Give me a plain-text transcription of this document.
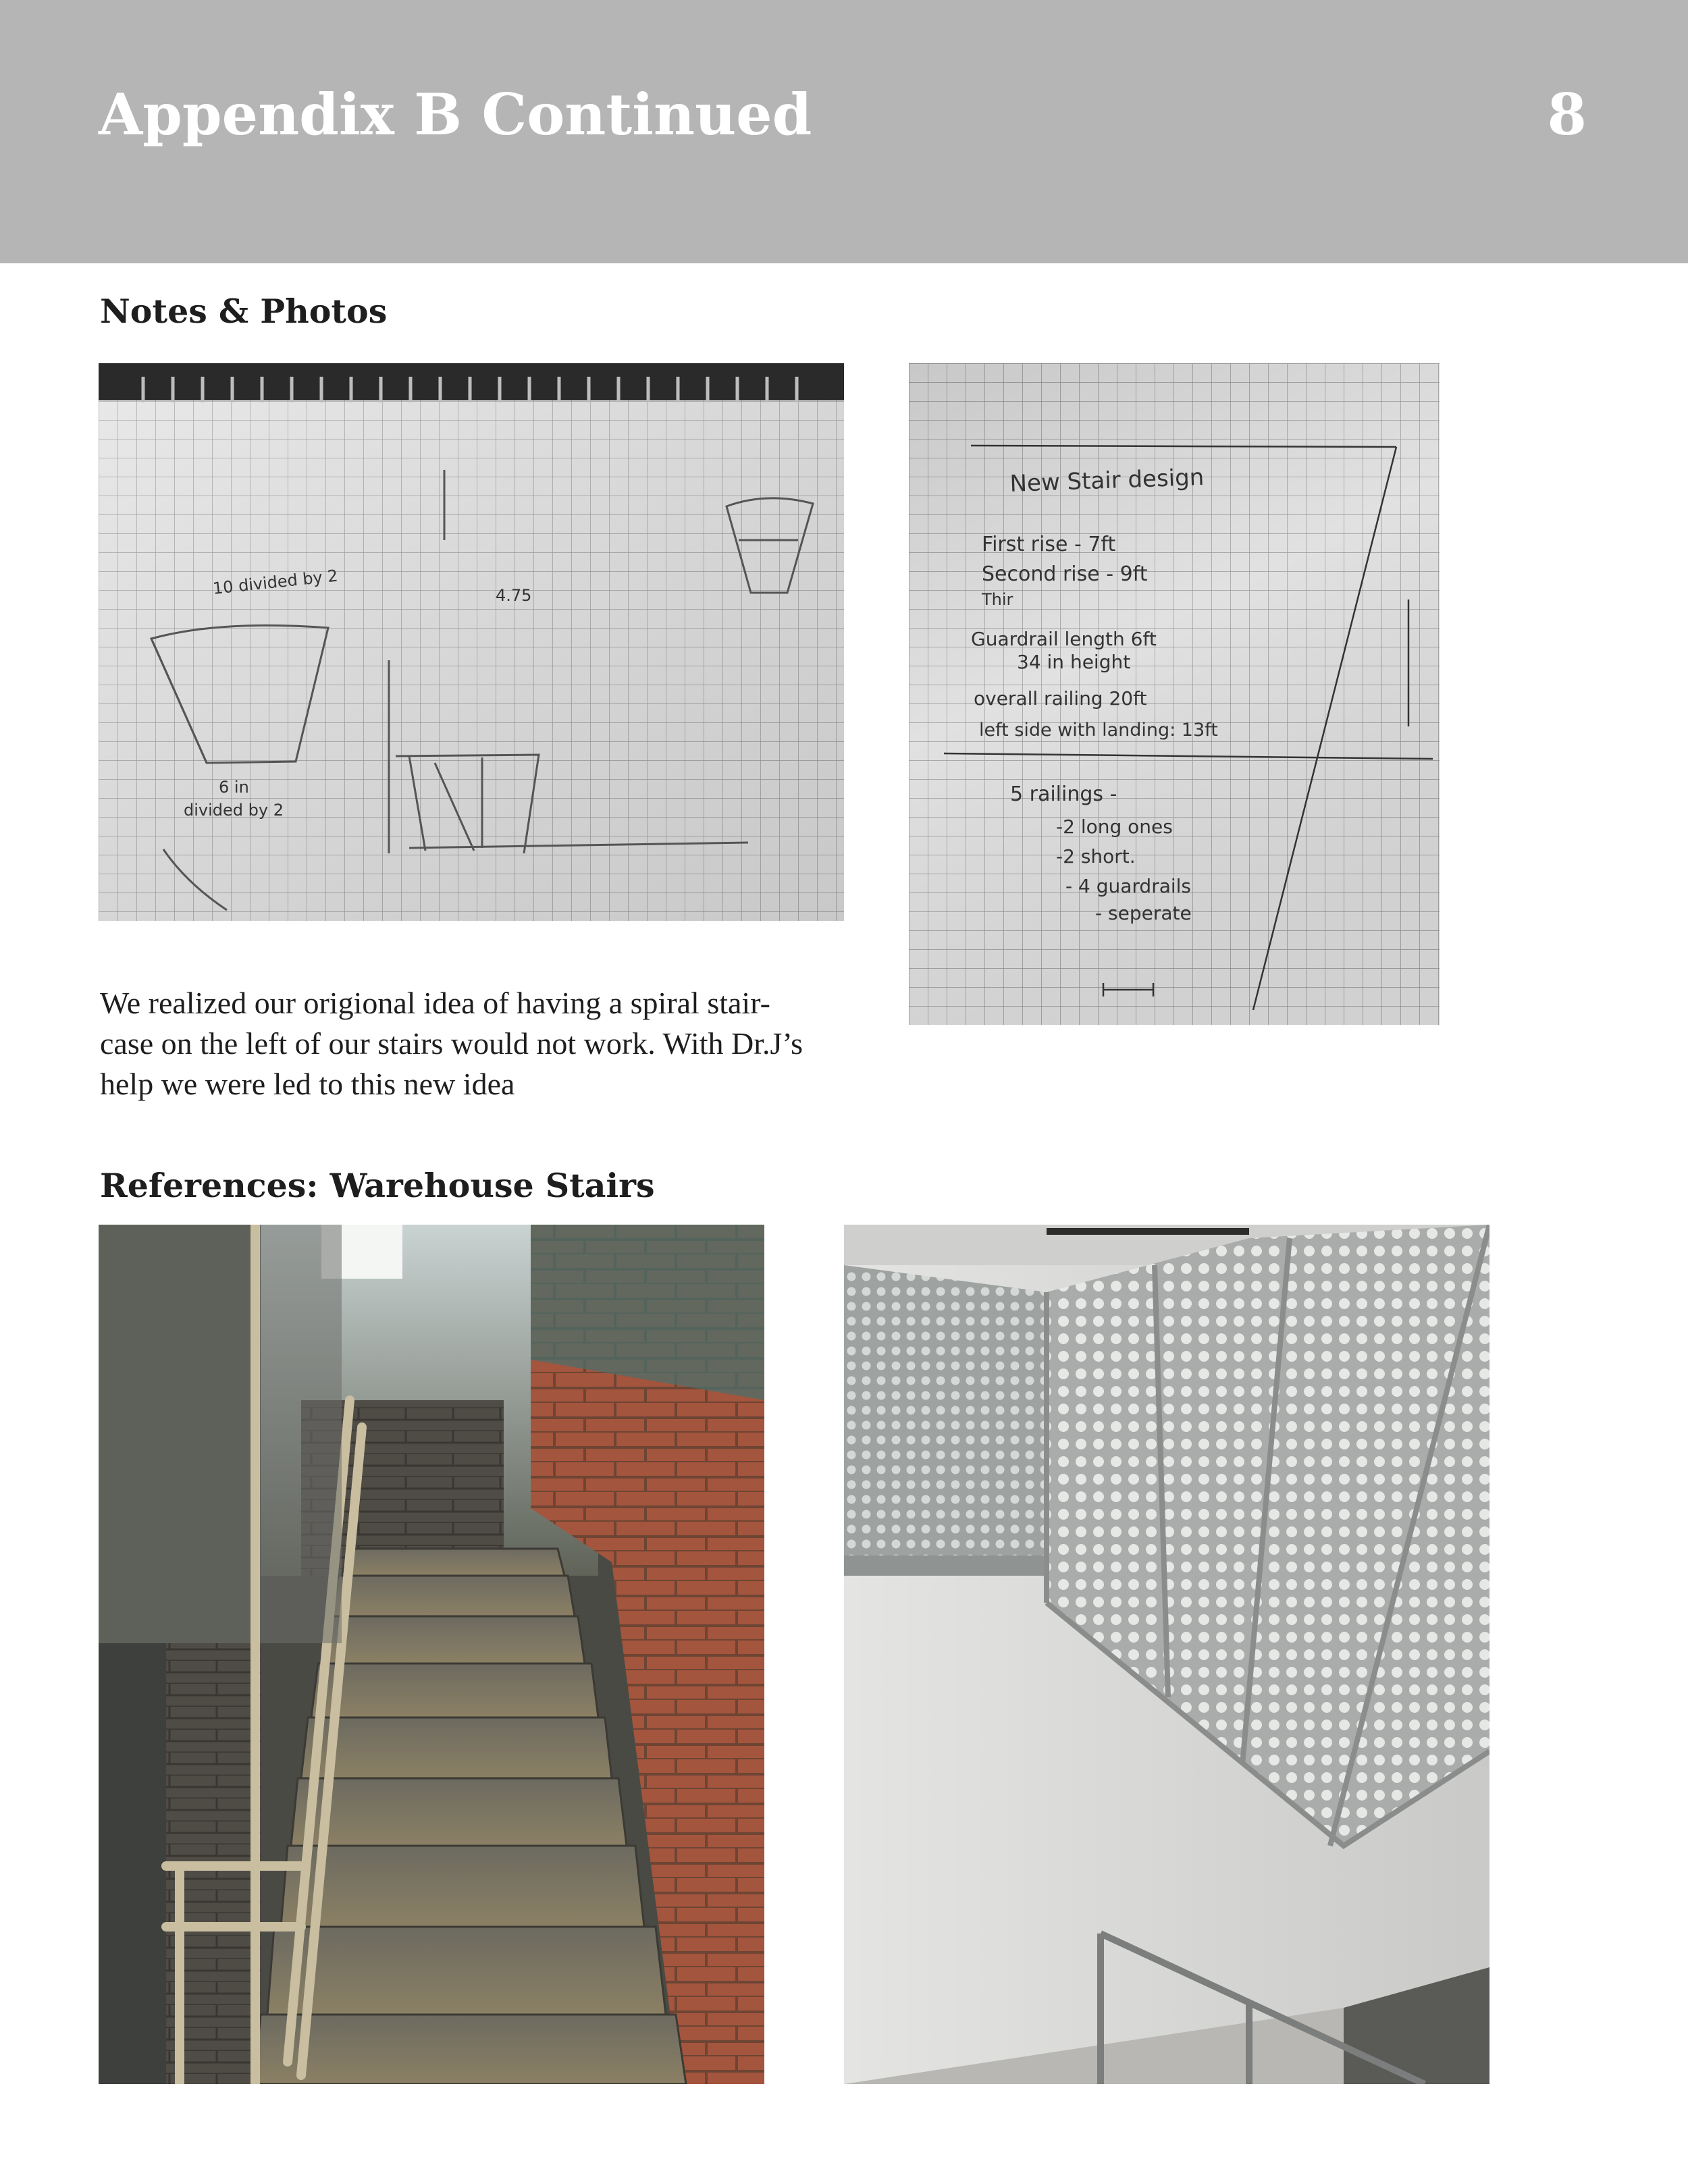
Appendix B Continued	8
Notes & Photos
10 divided by 2	4.75
6 in
divided by 2
New Stair design
First rise - 7ft
Second rise - 9ft
Thir
Guardrail length 6ft
34 in height
overall railing 20ft
left side with landing: 13ft
5 railings -
-2 long ones
-2 short.
- 4 guardrails
- seperate

We realized our origional idea of having a spiral stair-

case on the left of our stairs would not work. With Dr.J’s

help we were led to this new idea

References: Warehouse Stairs
